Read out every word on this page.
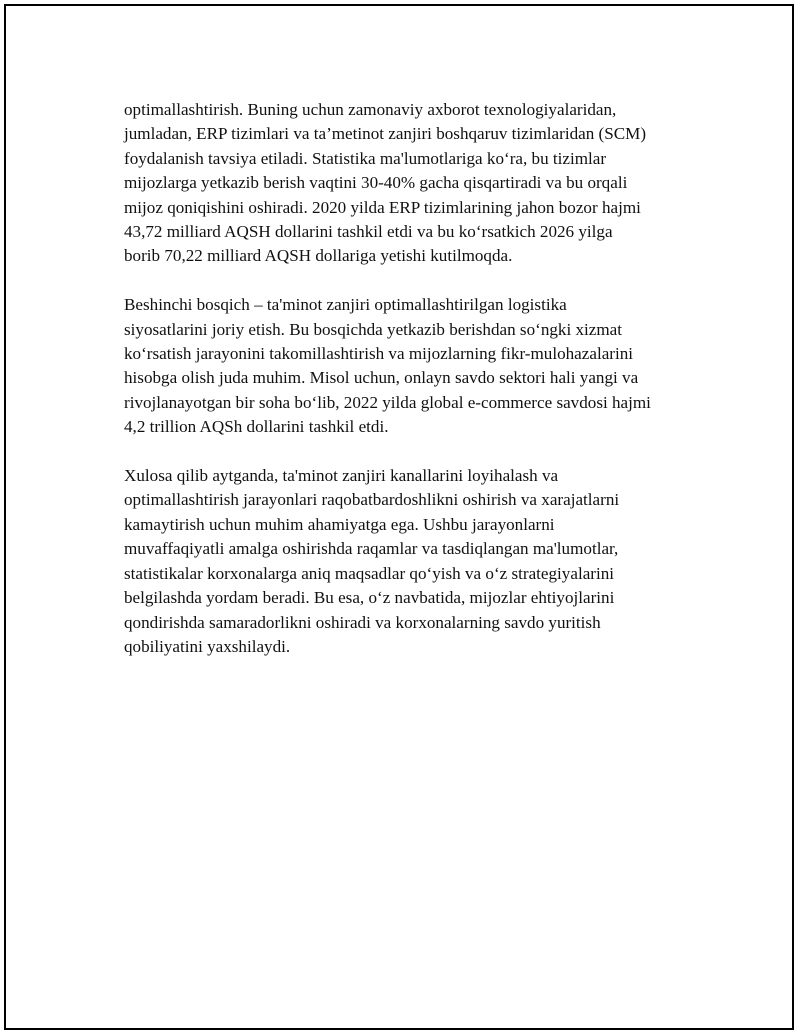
optimallashtirish. Buning uchun zamonaviy axborot texnologiyalaridan,
jumladan, ERP tizimlari va ta’metinot zanjiri boshqaruv tizimlaridan (SCM)
foydalanish tavsiya etiladi. Statistika ma'lumotlariga ko‘ra, bu tizimlar
mijozlarga yetkazib berish vaqtini 30-40% gacha qisqartiradi va bu orqali
mijoz qoniqishini oshiradi. 2020 yilda ERP tizimlarining jahon bozor hajmi
43,72 milliard AQSH dollarini tashkil etdi va bu ko‘rsatkich 2026 yilga
borib 70,22 milliard AQSH dollariga yetishi kutilmoqda.

Beshinchi bosqich – ta'minot zanjiri optimallashtirilgan logistika
siyosatlarini joriy etish. Bu bosqichda yetkazib berishdan so‘ngki xizmat
ko‘rsatish jarayonini takomillashtirish va mijozlarning fikr-mulohazalarini
hisobga olish juda muhim. Misol uchun, onlayn savdo sektori hali yangi va
rivojlanayotgan bir soha bo‘lib, 2022 yilda global e-commerce savdosi hajmi
4,2 trillion AQSh dollarini tashkil etdi.

Xulosa qilib aytganda, ta'minot zanjiri kanallarini loyihalash va
optimallashtirish jarayonlari raqobatbardoshlikni oshirish va xarajatlarni
kamaytirish uchun muhim ahamiyatga ega. Ushbu jarayonlarni
muvaffaqiyatli amalga oshirishda raqamlar va tasdiqlangan ma'lumotlar,
statistikalar korxonalarga aniq maqsadlar qo‘yish va o‘z strategiyalarini
belgilashda yordam beradi. Bu esa, o‘z navbatida, mijozlar ehtiyojlarini
qondirishda samaradorlikni oshiradi va korxonalarning savdo yuritish
qobiliyatini yaxshilaydi.
